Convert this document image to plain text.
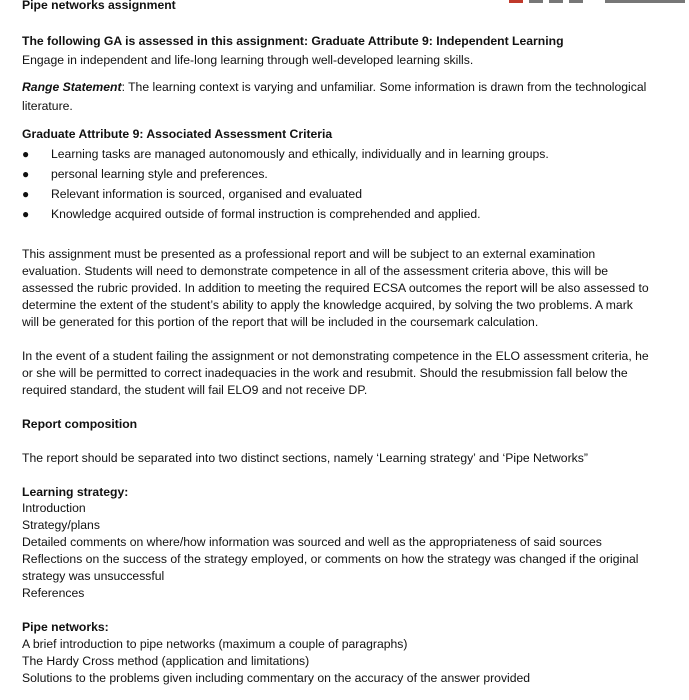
Pipe networks assignment
The following GA is assessed in this assignment: Graduate Attribute 9: Independent Learning
Engage in independent and life-long learning through well-developed learning skills.
Range Statement: The learning context is varying and unfamiliar. Some information is drawn from the technological
literature.
Graduate Attribute 9: Associated Assessment Criteria
● Learning tasks are managed autonomously and ethically, individually and in learning groups.
● personal learning style and preferences.
● Relevant information is sourced, organised and evaluated
● Knowledge acquired outside of formal instruction is comprehended and applied.
This assignment must be presented as a professional report and will be subject to an external examination
evaluation. Students will need to demonstrate competence in all of the assessment criteria above, this will be
assessed the rubric provided. In addition to meeting the required ECSA outcomes the report will be also assessed to
determine the extent of the student’s ability to apply the knowledge acquired, by solving the two problems. A mark
will be generated for this portion of the report that will be included in the coursemark calculation.
In the event of a student failing the assignment or not demonstrating competence in the ELO assessment criteria, he
or she will be permitted to correct inadequacies in the work and resubmit. Should the resubmission fall below the
required standard, the student will fail ELO9 and not receive DP.
Report composition
The report should be separated into two distinct sections, namely ‘Learning strategy’ and ‘Pipe Networks”
Learning strategy:
Introduction
Strategy/plans
Detailed comments on where/how information was sourced and well as the appropriateness of said sources
Reflections on the success of the strategy employed, or comments on how the strategy was changed if the original
strategy was unsuccessful
References
Pipe networks:
A brief introduction to pipe networks (maximum a couple of paragraphs)
The Hardy Cross method (application and limitations)
Solutions to the problems given including commentary on the accuracy of the answer provided
